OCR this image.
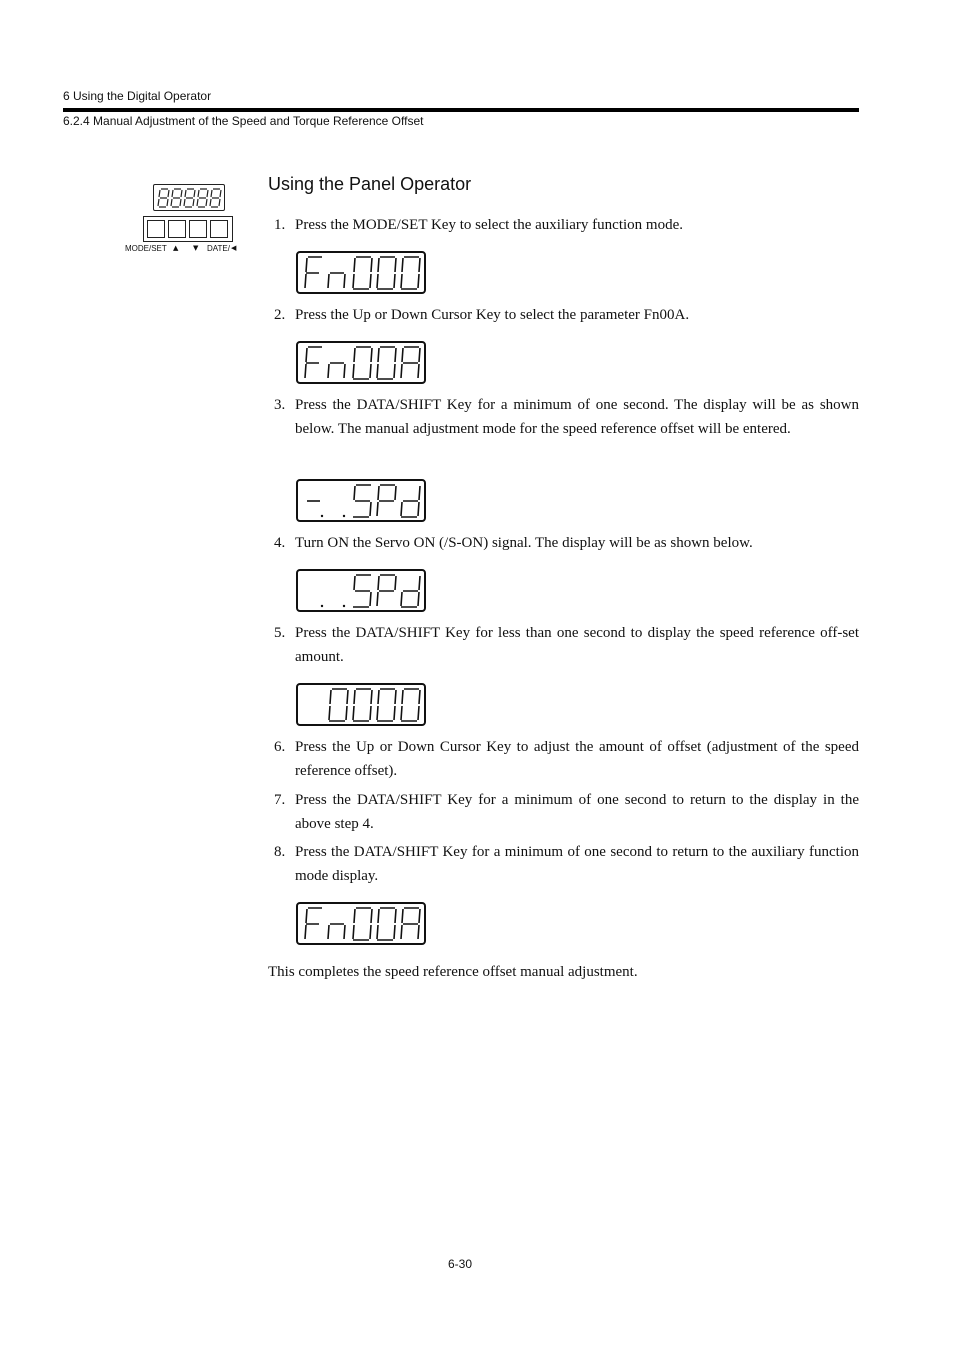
6 Using the Digital Operator
6.2.4 Manual Adjustment of the Speed and Torque Reference Offset
MODE/SET ▲ ▼ DATE/ ◀
Using the Panel Operator
1. Press the MODE/SET Key to select the auxiliary function mode.
2. Press the Up or Down Cursor Key to select the parameter Fn00A.
3. Press the DATA/SHIFT Key for a minimum of one second. The display will be as shown below. The manual adjustment mode for the speed reference offset will be entered.
4. Turn ON the Servo ON (/S-ON) signal. The display will be as shown below.
5. Press the DATA/SHIFT Key for less than one second to display the speed reference off-set amount.
6. Press the Up or Down Cursor Key to adjust the amount of offset (adjustment of the speed reference offset).
7. Press the DATA/SHIFT Key for a minimum of one second to return to the display in the above step 4.
8. Press the DATA/SHIFT Key for a minimum of one second to return to the auxiliary function mode display.
This completes the speed reference offset manual adjustment.
6-30
